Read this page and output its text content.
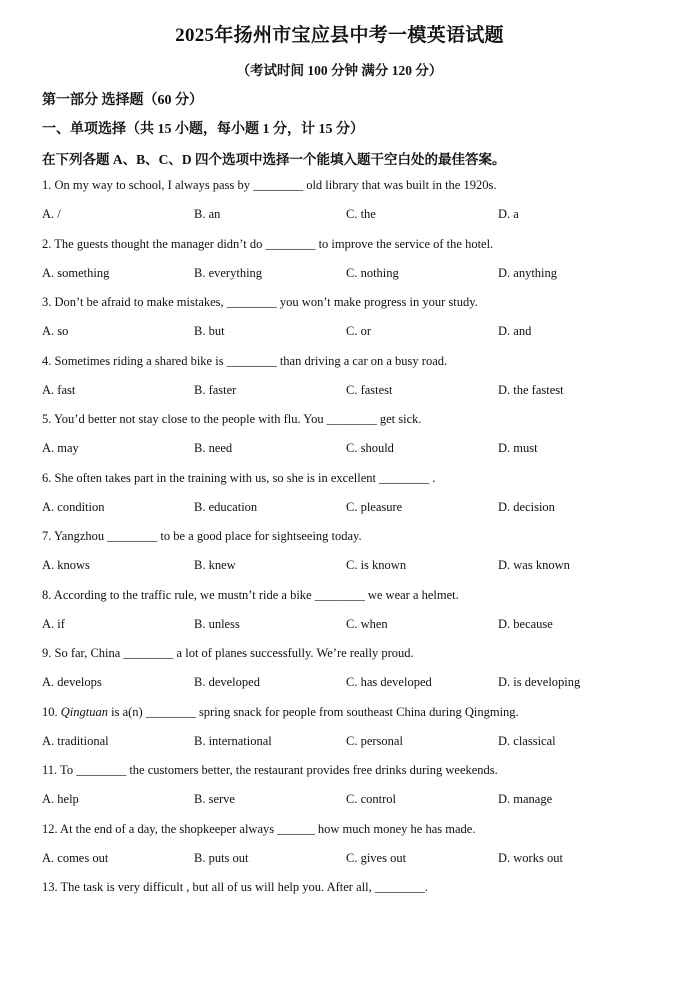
2025年扬州市宝应县中考一模英语试题
（考试时间 100 分钟 满分 120 分）
第一部分 选择题（60 分）
一、单项选择（共 15 小题，每小题 1 分，计 15 分）
在下列各题 A、B、C、D 四个选项中选择一个能填入题干空白处的最佳答案。
1. On my way to school, I always pass by ________ old library that was built in the 1920s.
A. /	B. an	C. the	D. a
2. The guests thought the manager didn’t do ________ to improve the service of the hotel.
A. something	B. everything	C. nothing	D. anything
3. Don’t be afraid to make mistakes, ________ you won’t make progress in your study.
A. so	B. but	C. or	D. and
4. Sometimes riding a shared bike is ________ than driving a car on a busy road.
A. fast	B. faster	C. fastest	D. the fastest
5. You’d better not stay close to the people with flu. You ________ get sick.
A. may	B. need	C. should	D. must
6. She often takes part in the training with us, so she is in excellent ________ .
A. condition	B. education	C. pleasure	D. decision
7. Yangzhou ________ to be a good place for sightseeing today.
A. knows	B. knew	C. is known	D. was known
8. According to the traffic rule, we mustn’t ride a bike ________ we wear a helmet.
A. if	B. unless	C. when	D. because
9. So far, China ________ a lot of planes successfully. We’re really proud.
A. develops	B. developed	C. has developed	D. is developing
10. Qingtuan is a(n) ________ spring snack for people from southeast China during Qingming.
A. traditional	B. international	C. personal	D. classical
11. To ________ the customers better, the restaurant provides free drinks during weekends.
A. help	B. serve	C. control	D. manage
12. At the end of a day, the shopkeeper always ______ how much money he has made.
A. comes out	B. puts out	C. gives out	D. works out
13. The task is very difficult , but all of us will help you. After all, ________.
